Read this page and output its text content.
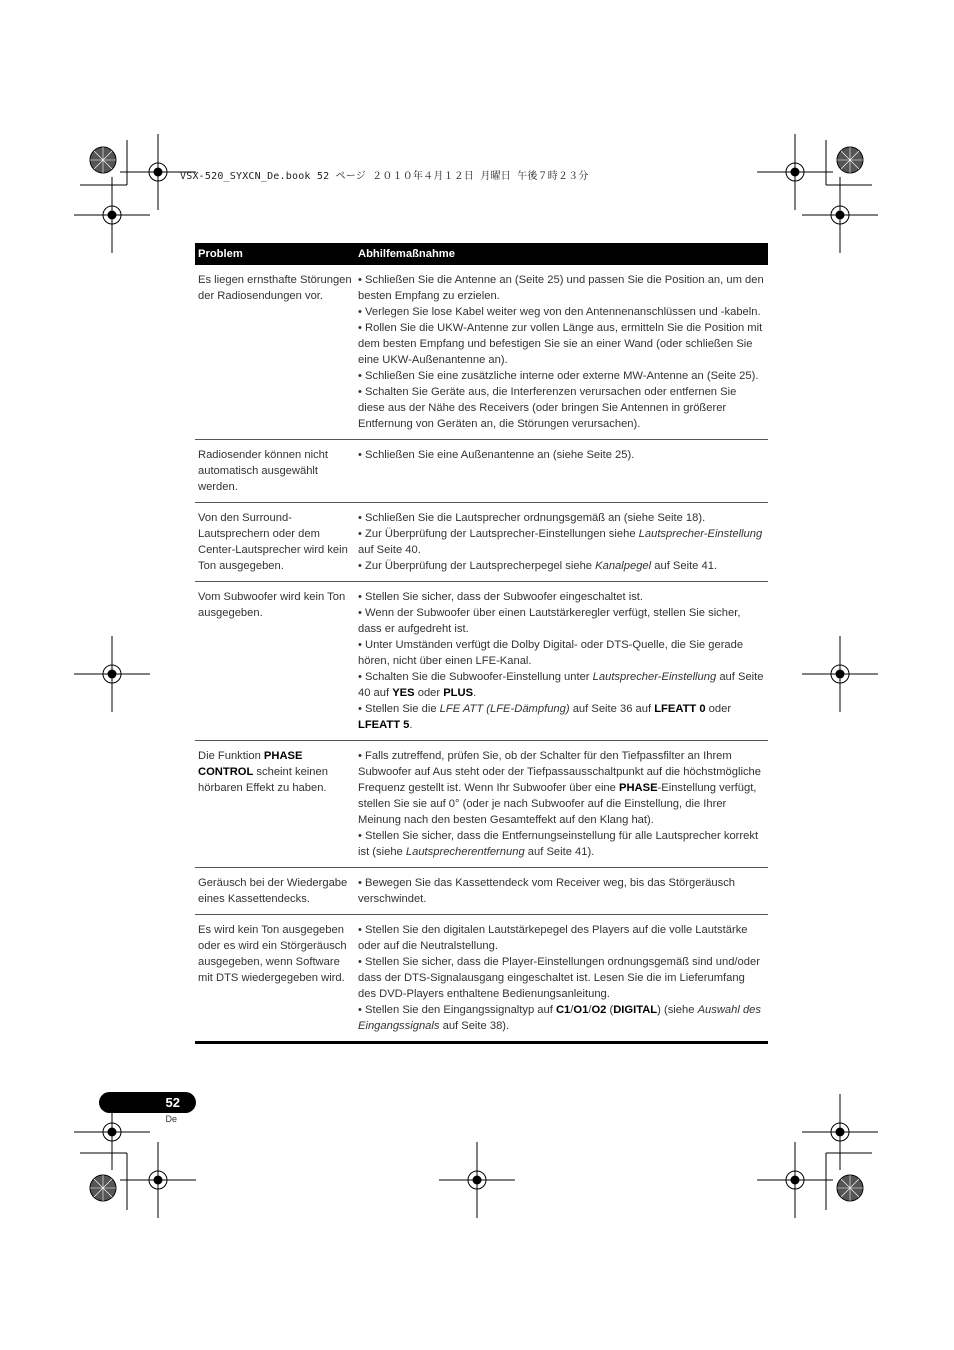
VSX-520_SYXCN_De.book 52 ページ ２０１０年４月１２日 月曜日 午後７時２３分
Problem	Abhilfemaßnahme
Es liegen ernsthafte Störungen der Radiosendungen vor.	• Schließen Sie die Antenne an (Seite 25) und passen Sie die Position an, um den besten Empfang zu erzielen.
• Verlegen Sie lose Kabel weiter weg von den Antennenanschlüssen und -kabeln.
• Rollen Sie die UKW-Antenne zur vollen Länge aus, ermitteln Sie die Position mit dem besten Empfang und befestigen Sie sie an einer Wand (oder schließen Sie eine UKW-Außenantenne an).
• Schließen Sie eine zusätzliche interne oder externe MW-Antenne an (Seite 25).
• Schalten Sie Geräte aus, die Interferenzen verursachen oder entfernen Sie diese aus der Nähe des Receivers (oder bringen Sie Antennen in größerer Entfernung von Geräten an, die Störungen verursachen).

Radiosender können nicht automatisch ausgewählt werden.	• Schließen Sie eine Außenantenne an (siehe Seite 25).

Von den Surround-Lautsprechern oder dem Center-Lautsprecher wird kein Ton ausgegeben.	• Schließen Sie die Lautsprecher ordnungsgemäß an (siehe Seite 18).
• Zur Überprüfung der Lautsprecher-Einstellungen siehe Lautsprecher-Einstellung auf Seite 40.
• Zur Überprüfung der Lautsprecherpegel siehe Kanalpegel auf Seite 41.

Vom Subwoofer wird kein Ton ausgegeben.	• Stellen Sie sicher, dass der Subwoofer eingeschaltet ist.
• Wenn der Subwoofer über einen Lautstärkeregler verfügt, stellen Sie sicher, dass er aufgedreht ist.
• Unter Umständen verfügt die Dolby Digital- oder DTS-Quelle, die Sie gerade hören, nicht über einen LFE-Kanal.
• Schalten Sie die Subwoofer-Einstellung unter Lautsprecher-Einstellung auf Seite 40 auf YES oder PLUS.
• Stellen Sie die LFE ATT (LFE-Dämpfung) auf Seite 36 auf LFEATT 0 oder LFEATT 5.

Die Funktion PHASE CONTROL scheint keinen hörbaren Effekt zu haben.	• Falls zutreffend, prüfen Sie, ob der Schalter für den Tiefpassfilter an Ihrem Subwoofer auf Aus steht oder der Tiefpassausschaltpunkt auf die höchstmögliche Frequenz gestellt ist. Wenn Ihr Subwoofer über eine PHASE-Einstellung verfügt, stellen Sie sie auf 0° (oder je nach Subwoofer auf die Einstellung, die Ihrer Meinung nach den besten Gesamteffekt auf den Klang hat).
• Stellen Sie sicher, dass die Entfernungseinstellung für alle Lautsprecher korrekt ist (siehe Lautsprecherentfernung auf Seite 41).

Geräusch bei der Wiedergabe eines Kassettendecks.	• Bewegen Sie das Kassettendeck vom Receiver weg, bis das Störgeräusch verschwindet.

Es wird kein Ton ausgegeben oder es wird ein Störgeräusch ausgegeben, wenn Software mit DTS wiedergegeben wird.	• Stellen Sie den digitalen Lautstärkepegel des Players auf die volle Lautstärke oder auf die Neutralstellung.
• Stellen Sie sicher, dass die Player-Einstellungen ordnungsgemäß sind und/oder dass der DTS-Signalausgang eingeschaltet ist. Lesen Sie die im Lieferumfang des DVD-Players enthaltene Bedienungsanleitung.
• Stellen Sie den Eingangssignaltyp auf C1/O1/O2 (DIGITAL) (siehe Auswahl des Eingangssignals auf Seite 38).
52
De
